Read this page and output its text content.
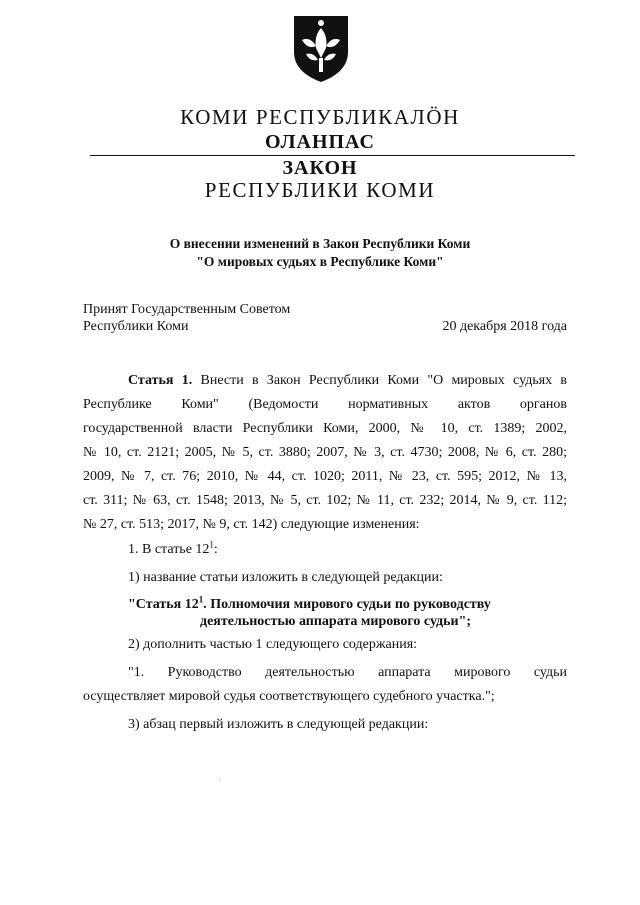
КОМИ РЕСПУБЛИКАЛӦН
ОЛАНПАС
ЗАКОН
РЕСПУБЛИКИ КОМИ
О внесении изменений в Закон Республики Коми
"О мировых судьях в Республике Коми"
Принят Государственным Советом
Республики Коми	20 декабря 2018 года
Статья 1. Внести в Закон Республики Коми "О мировых судьях в
Республике Коми" (Ведомости нормативных актов органов
государственной власти Республики Коми, 2000, № 10, ст. 1389; 2002,
№ 10, ст. 2121; 2005, № 5, ст. 3880; 2007, № 3, ст. 4730; 2008, № 6, ст. 280;
2009, № 7, ст. 76; 2010, № 44, ст. 1020; 2011, № 23, ст. 595; 2012, № 13,
ст. 311; № 63, ст. 1548; 2013, № 5, ст. 102; № 11, ст. 232; 2014, № 9, ст. 112;
№ 27, ст. 513; 2017, № 9, ст. 142) следующие изменения:
1. В статье $12^1$:
1) название статьи изложить в следующей редакции:
"Статья $12^1$. Полномочия мирового судьи по руководству
деятельностью аппарата мирового судьи";
2) дополнить частью 1 следующего содержания:
"1. Руководство деятельностью аппарата мирового судьи
осуществляет мировой судья соответствующего судебного участка.";
3) абзац первый изложить в следующей редакции:
